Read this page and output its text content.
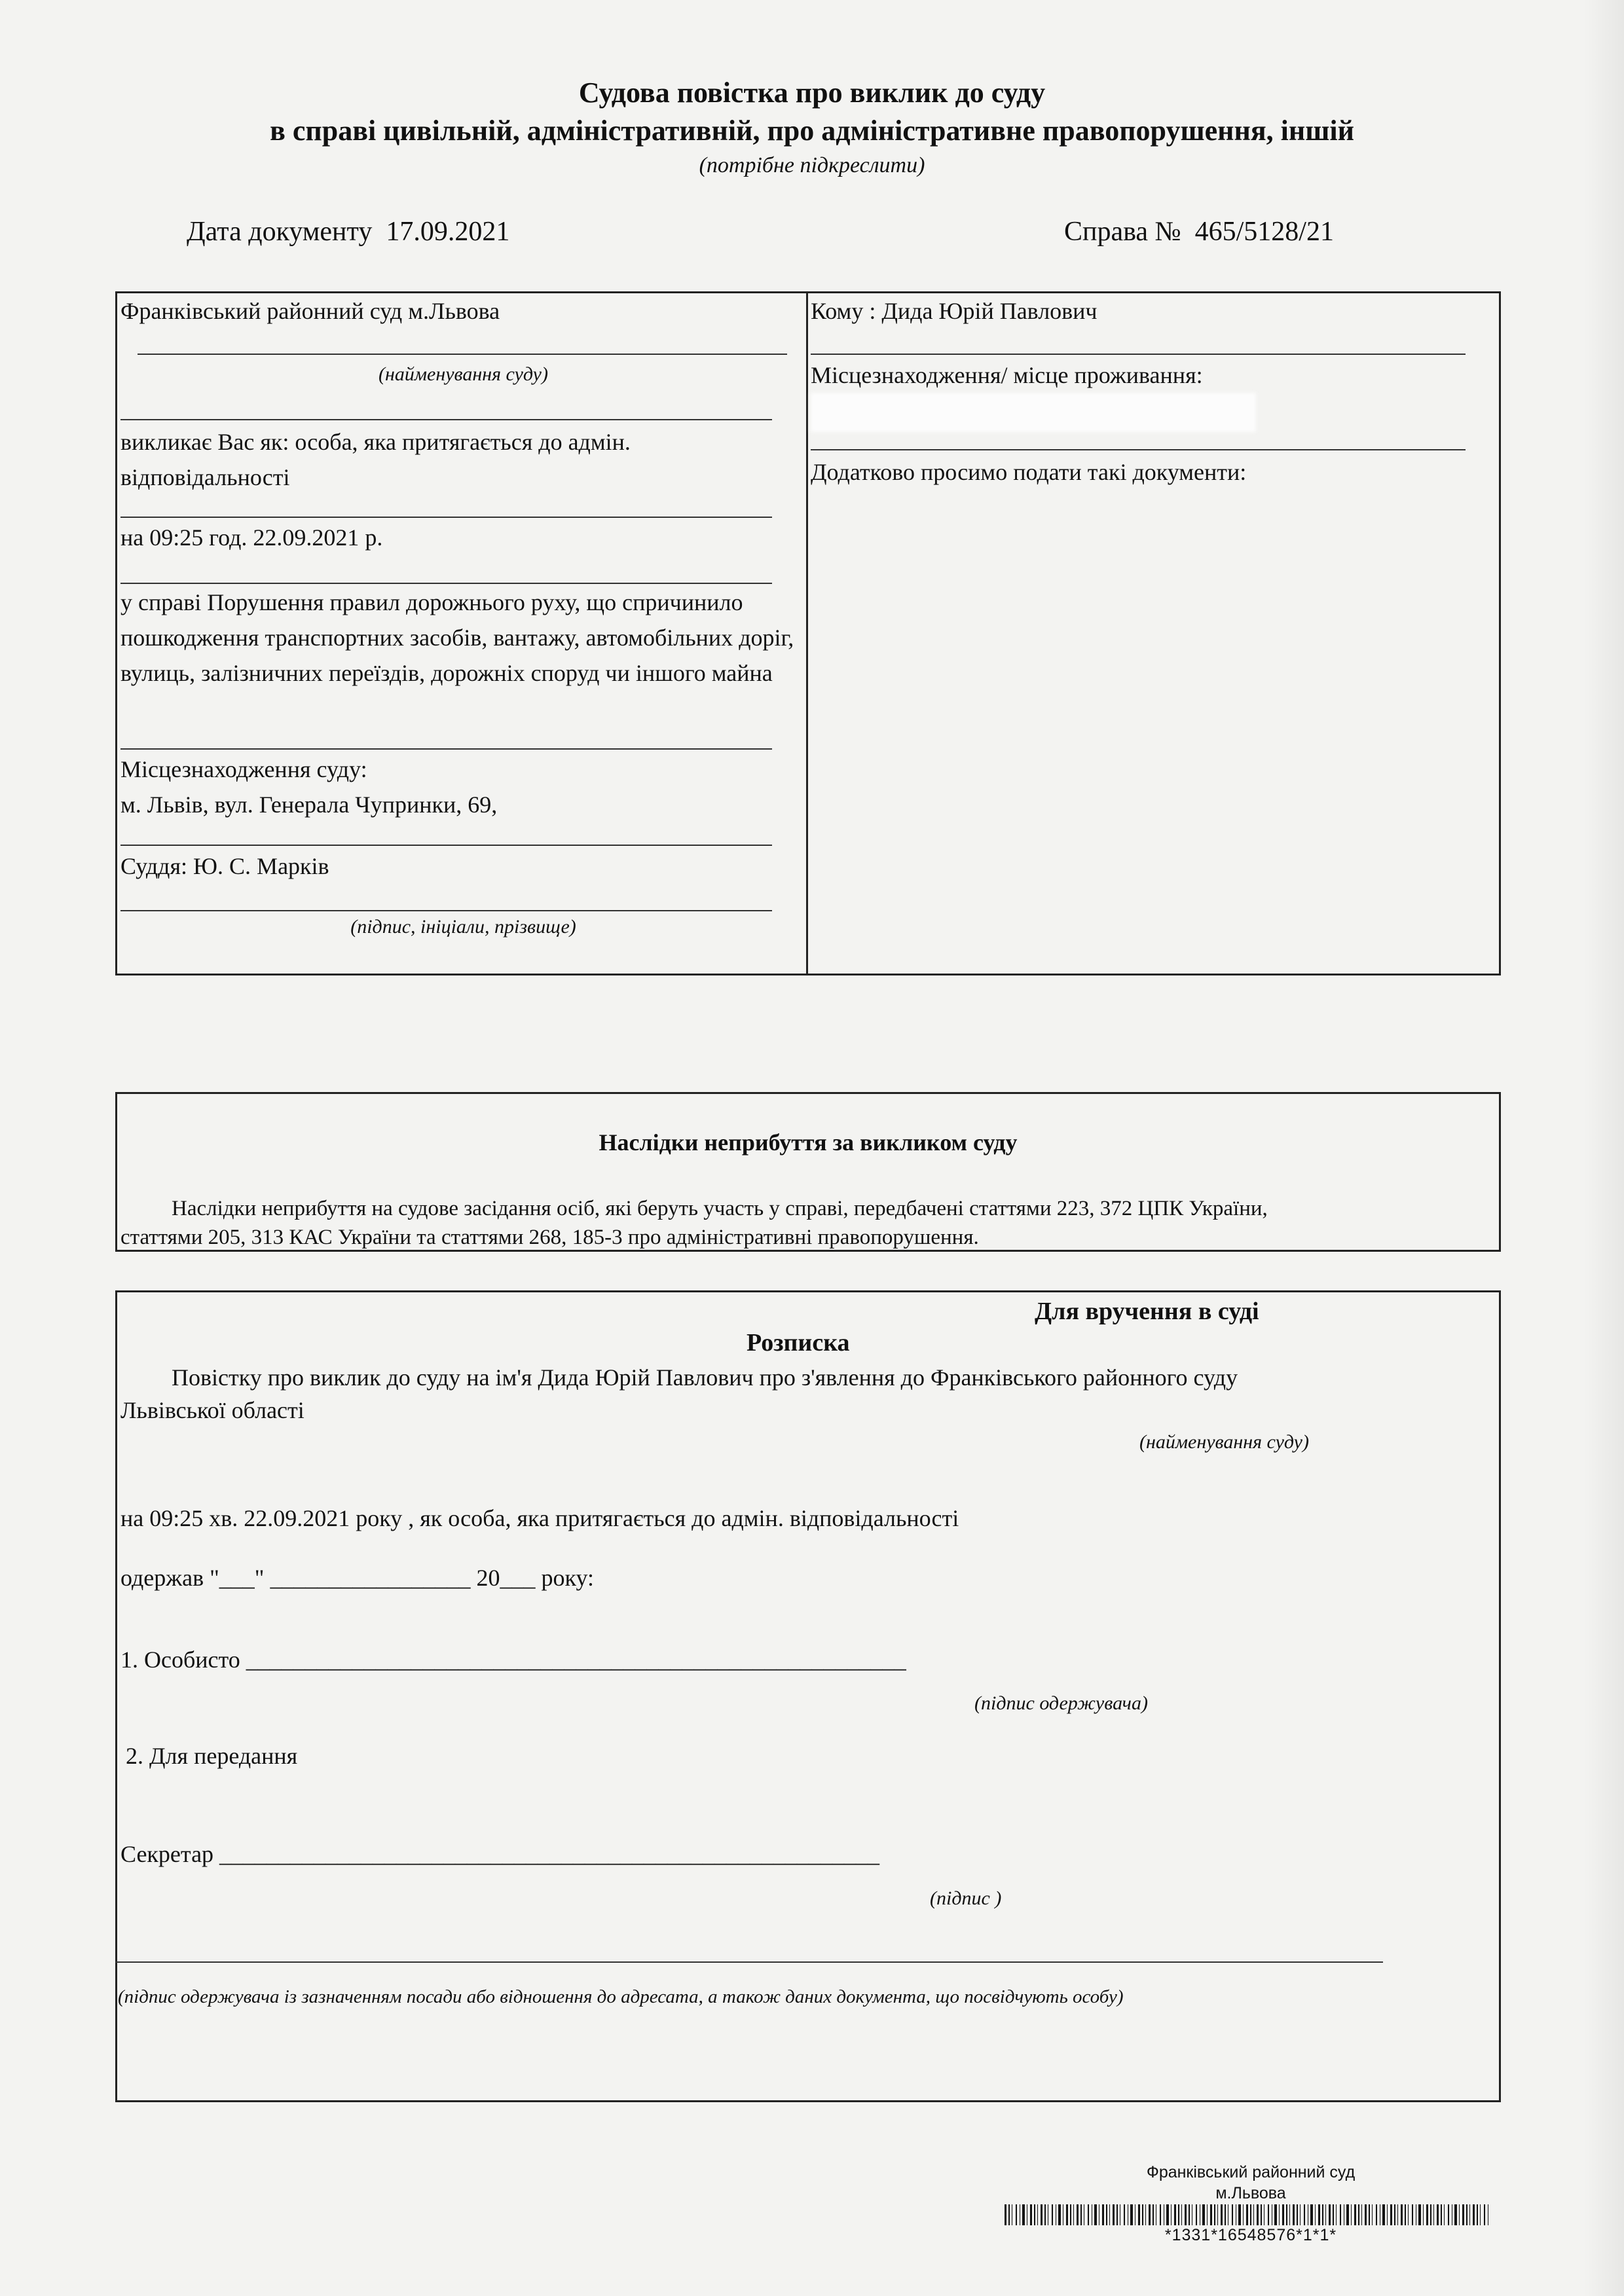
Судова повістка про виклик до суду
в справі цивільній, адміністративній, про адміністративне правопорушення, іншій
(потрібне підкреслити)
Дата документу 17.09.2021	Справа № 465/5128/21
Франківський районний суд м.Львова
(найменування суду)
викликає Вас як: особа, яка притягається до адмін. відповідальності
на 09:25 год. 22.09.2021 р.
у справі Порушення правил дорожнього руху, що спричинило пошкодження транспортних засобів, вантажу, автомобільних доріг, вулиць, залізничних переїздів, дорожніх споруд чи іншого майна
Місцезнаходження суду:
м. Львів, вул. Генерала Чупринки, 69,
Суддя: Ю. С. Марків
(підпис, ініціали, прізвище)
Кому : Дида Юрій Павлович
Місцезнаходження/ місце проживання:
Додатково просимо подати такі документи:
Наслідки неприбуття за викликом суду
Наслідки неприбуття на судове засідання осіб, які беруть участь у справі, передбачені статтями 223, 372 ЦПК України,
статтями 205, 313 КАС України та статтями 268, 185-3 про адміністративні правопорушення.
Для вручення в суді
Розписка
Повістку про виклик до суду на ім'я Дида Юрій Павлович про з'явлення до Франківського районного суду
Львівської області
(найменування суду)
на 09:25 хв. 22.09.2021 року , як особа, яка притягається до адмін. відповідальності
одержав "___" _________________ 20___ року:
1. Особисто ________________________________________________________
(підпис одержувача)
2. Для передання
Секретар ________________________________________________________
(підпис )
(підпис одержувача із зазначенням посади або відношення до адресата, а також даних документа, що посвідчують особу)
Франківський районний суд
м.Львова
*1331*16548576*1*1*
